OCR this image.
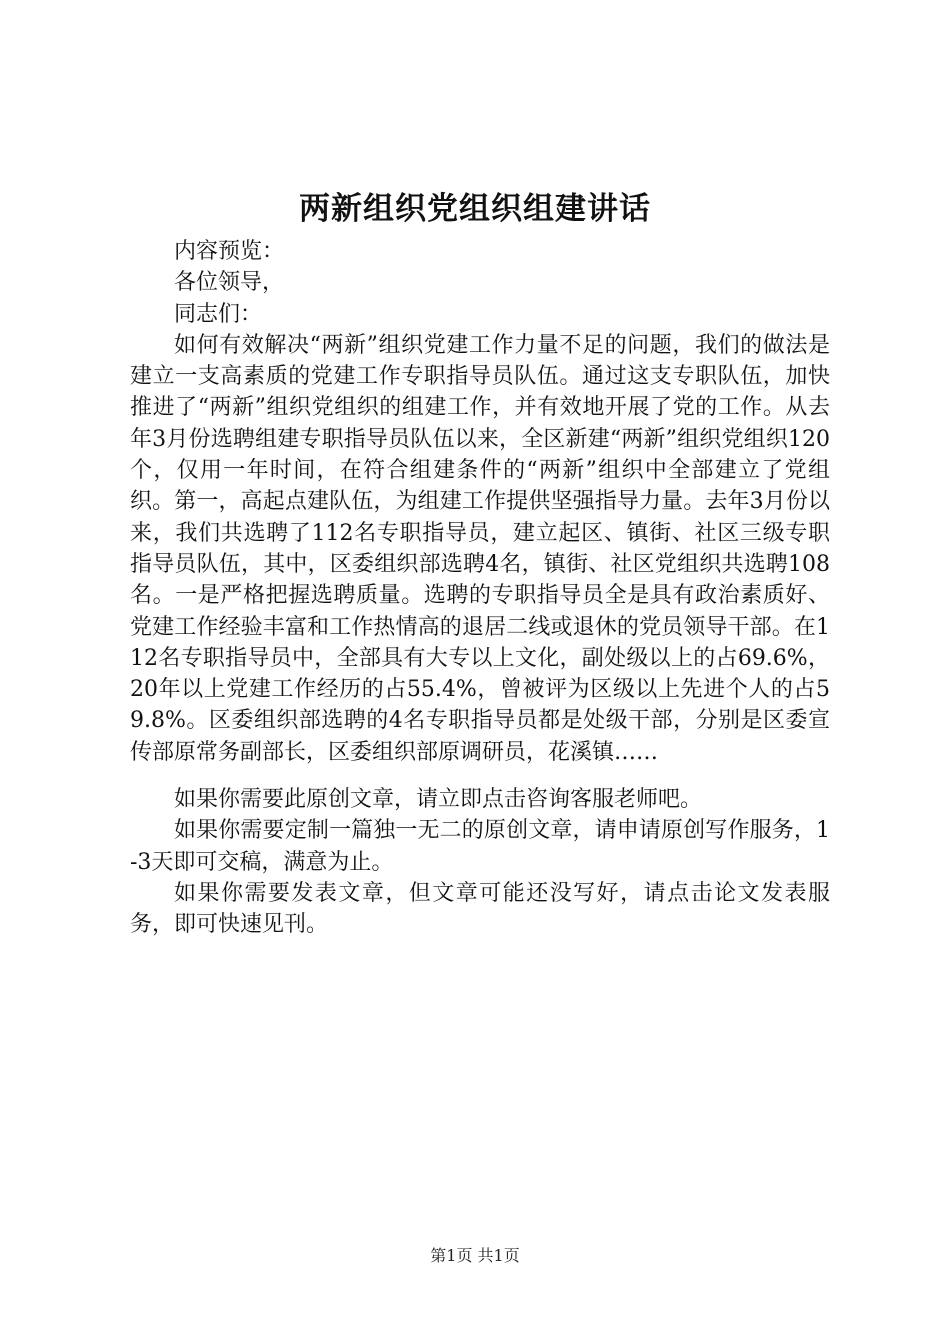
两新组织党组织组建讲话

内容预览：

各位领导，

同志们：

如何有效解决“两新”组织党建工作力量不足的问题，我们的做法是建立一支高素质的党建工作专职指导员队伍。通过这支专职队伍，加快推进了“两新”组织党组织的组建工作，并有效地开展了党的工作。从去年3月份选聘组建专职指导员队伍以来，全区新建“两新”组织党组织120个，仅用一年时间，在符合组建条件的“两新”组织中全部建立了党组织。第一，高起点建队伍，为组建工作提供坚强指导力量。去年3月份以来，我们共选聘了112名专职指导员，建立起区、镇街、社区三级专职指导员队伍，其中，区委组织部选聘4名，镇街、社区党组织共选聘108名。一是严格把握选聘质量。选聘的专职指导员全是具有政治素质好、党建工作经验丰富和工作热情高的退居二线或退休的党员领导干部。在112名专职指导员中，全部具有大专以上文化，副处级以上的占69.6%，20年以上党建工作经历的占55.4%，曾被评为区级以上先进个人的占59.8%。区委组织部选聘的4名专职指导员都是处级干部，分别是区委宣传部原常务副部长，区委组织部原调研员，花溪镇……

如果你需要此原创文章，请立即点击咨询客服老师吧。

如果你需要定制一篇独一无二的原创文章，请申请原创写作服务，1-3天即可交稿，满意为止。

如果你需要发表文章，但文章可能还没写好，请点击论文发表服务，即可快速见刊。

第1页 共1页
